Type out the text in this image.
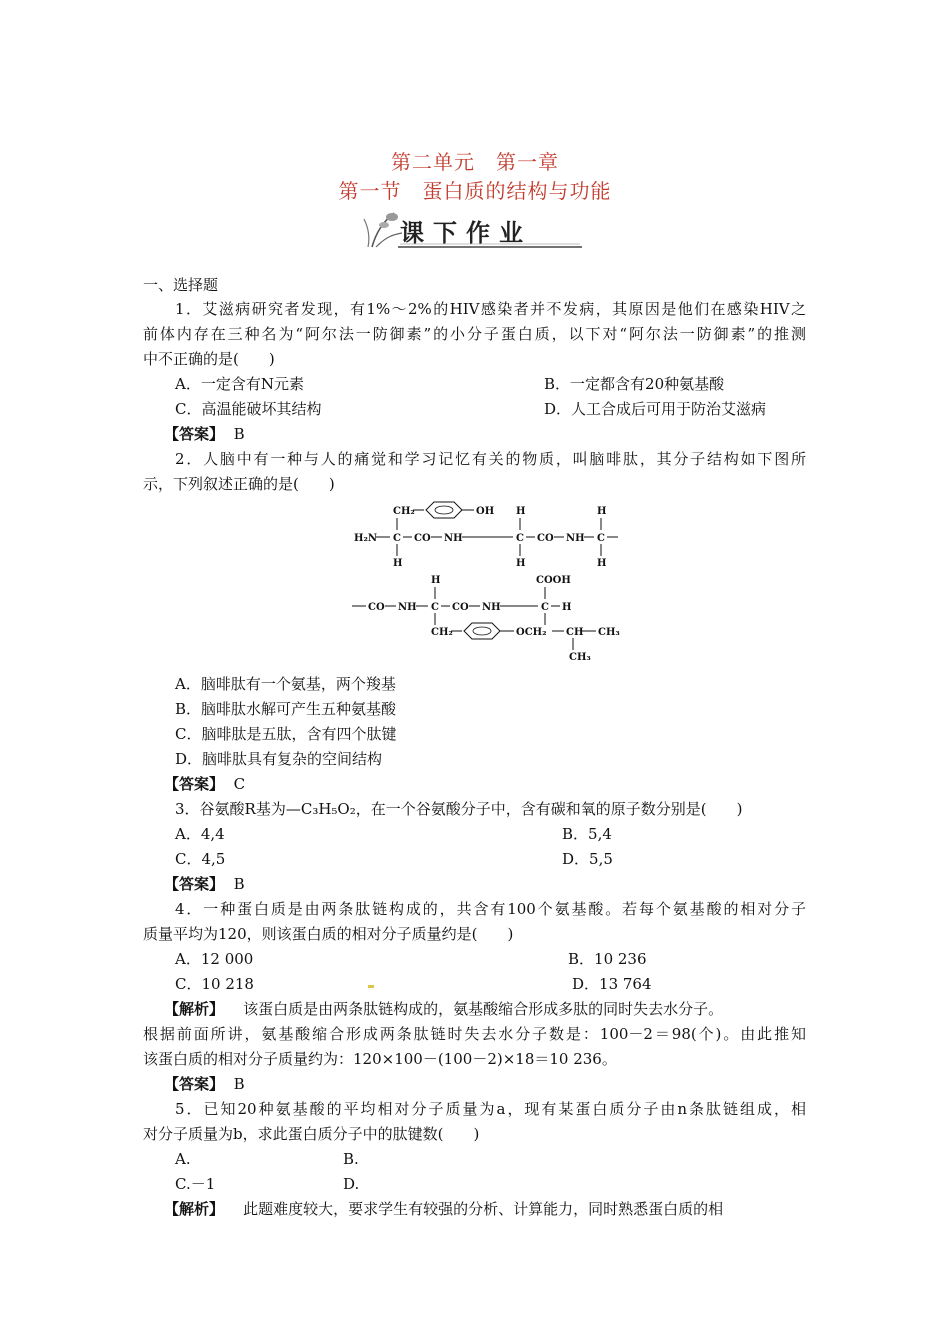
第二单元　第一章
第一节　蛋白质的结构与功能
课下作业
一、选择题
1．艾滋病研究者发现，有1%～2%的HIV感染者并不发病，其原因是他们在感染HIV之
前体内存在三种名为“阿尔法一防御素”的小分子蛋白质，以下对“阿尔法一防御素”的推测
中不正确的是(　　)
A．一定含有N元素	B．一定都含有20种氨基酸
C．高温能破坏其结构	D．人工合成后可用于防治艾滋病
【答案】 B
2．人脑中有一种与人的痛觉和学习记忆有关的物质，叫脑啡肽，其分子结构如下图所
示，下列叙述正确的是(　　)
CH₂	OH H	H
H₂N C CO NH	C CO NH C
H	H	H
H	COOH
CO NH C CO NH	C H
CH₂	OCH₂ CH CH₃
CH₃
A．脑啡肽有一个氨基，两个羧基
B．脑啡肽水解可产生五种氨基酸
C．脑啡肽是五肽，含有四个肽键
D．脑啡肽具有复杂的空间结构
【答案】 C
3．谷氨酸R基为—C₃H₅O₂，在一个谷氨酸分子中，含有碳和氧的原子数分别是(　　)
A．4,4	B．5,4
C．4,5	D．5,5
【答案】 B
4．一种蛋白质是由两条肽链构成的，共含有100个氨基酸。若每个氨基酸的相对分子
质量平均为120，则该蛋白质的相对分子质量约是(　　)
A．12 000	B．10 236
C．10 218	D．13 764
【解析】 该蛋白质是由两条肽链构成的，氨基酸缩合形成多肽的同时失去水分子。
根据前面所讲，氨基酸缩合形成两条肽链时失去水分子数是：100－2＝98(个)。由此推知
该蛋白质的相对分子质量约为：120×100－(100－2)×18＝10 236。
【答案】 B
5．已知20种氨基酸的平均相对分子质量为a，现有某蛋白质分子由n条肽链组成，相
对分子质量为b，求此蛋白质分子中的肽键数(　　)
A.	B.
C.－1	D.
【解析】 此题难度较大，要求学生有较强的分析、计算能力，同时熟悉蛋白质的相
